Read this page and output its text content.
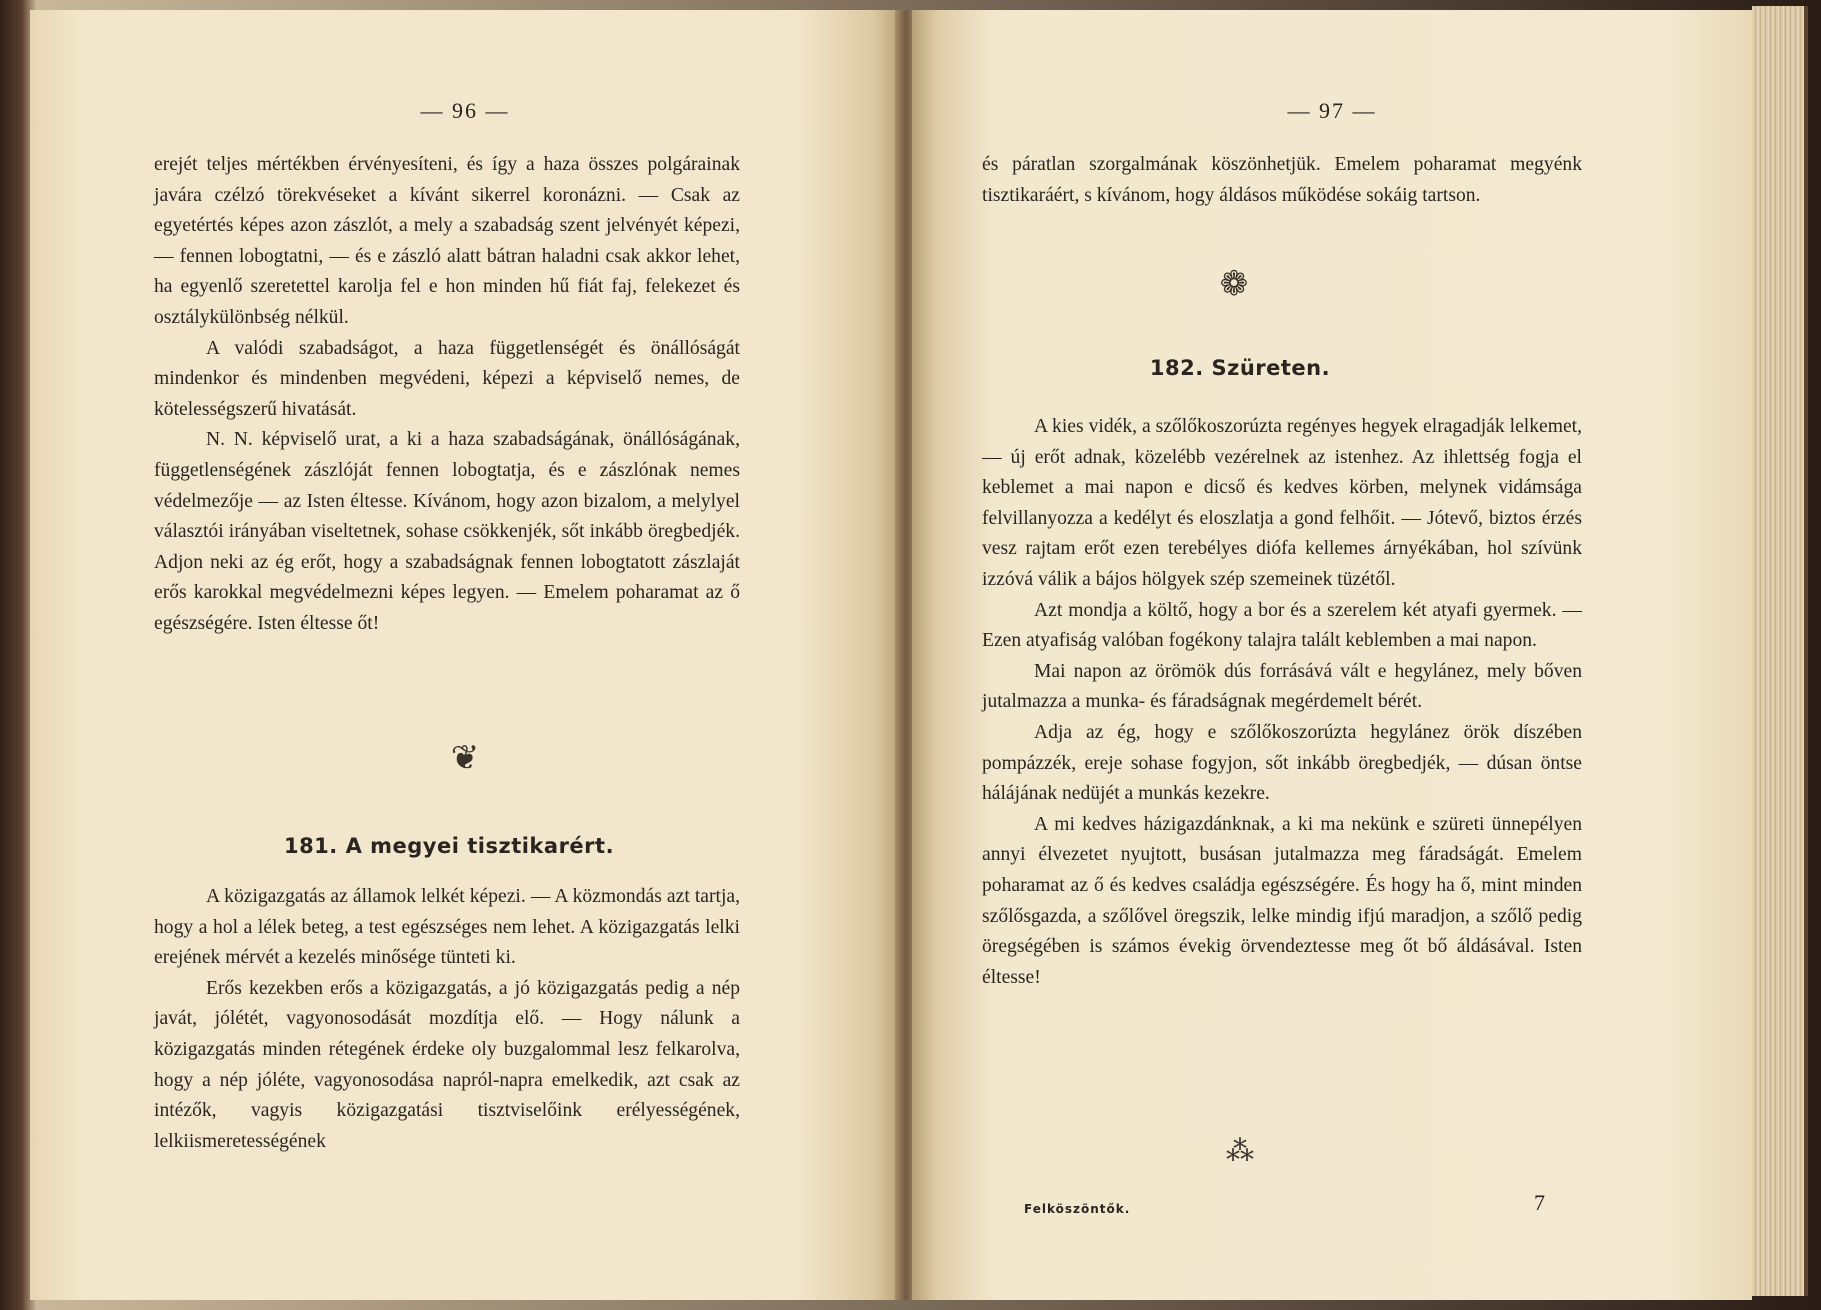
— 96 —

erejét teljes mértékben érvényesíteni, és így a haza összes polgárainak javára czélzó törekvéseket a kívánt sikerrel koronázni. — Csak az egyetértés képes azon zászlót, a mely a szabadság szent jelvényét képezi, — fennen lobogtatni, — és e zászló alatt bátran haladni csak akkor lehet, ha egyenlő szeretettel karolja fel e hon minden hű fiát faj, felekezet és osztálykülönbség nélkül.

A valódi szabadságot, a haza függetlenségét és önállóságát mindenkor és mindenben megvédeni, képezi a képviselő nemes, de kötelességszerű hivatását.

N. N. képviselő urat, a ki a haza szabadságának, önállóságának, függetlenségének zászlóját fennen lobogtatja, és e zászlónak nemes védelmezője — az Isten éltesse. Kívánom, hogy azon bizalom, a melylyel választói irányában viseltetnek, sohase csökkenjék, sőt inkább öregbedjék. Adjon neki az ég erőt, hogy a szabadságnak fennen lobogtatott zászlaját erős karokkal megvédelmezni képes legyen. — Emelem poharamat az ő egészségére. Isten éltesse őt!

❦
181. A megyei tisztikarért.

A közigazgatás az államok lelkét képezi. — A közmondás azt tartja, hogy a hol a lélek beteg, a test egészséges nem lehet. A közigazgatás lelki erejének mérvét a kezelés minősége tünteti ki.

Erős kezekben erős a közigazgatás, a jó közigazgatás pedig a nép javát, jólétét, vagyonosodását mozdítja elő. — Hogy nálunk a közigazgatás minden rétegének érdeke oly buzgalommal lesz felkarolva, hogy a nép jóléte, vagyonosodása napról-napra emelkedik, azt csak az intézők, vagyis közigazgatási tisztviselőink erélyességének, lelkiismeretességének

— 97 —

és páratlan szorgalmának köszönhetjük. Emelem poharamat megyénk tisztikaráért, s kívánom, hogy áldásos működése sokáig tartson.

❁
182. Szüreten.

A kies vidék, a szőlőkoszorúzta regényes hegyek elragadják lelkemet, — új erőt adnak, közelébb vezérelnek az istenhez. Az ihlettség fogja el keblemet a mai napon e dicső és kedves körben, melynek vidámsága felvillanyozza a kedélyt és eloszlatja a gond felhőit. — Jótevő, biztos érzés vesz rajtam erőt ezen terebélyes diófa kellemes árnyékában, hol szívünk izzóvá válik a bájos hölgyek szép szemeinek tüzétől.

Azt mondja a költő, hogy a bor és a szerelem két atyafi gyermek. — Ezen atyafiság valóban fogékony talajra talált keblemben a mai napon.

Mai napon az örömök dús forrásává vált e hegylánez, mely bőven jutalmazza a munka- és fáradságnak megérdemelt bérét.

Adja az ég, hogy e szőlőkoszorúzta hegylánez örök díszében pompázzék, ereje sohase fogyjon, sőt inkább öregbedjék, — dúsan öntse hálájának nedüjét a munkás kezekre.

A mi kedves házigazdánknak, a ki ma nekünk e szüreti ünnepélyen annyi élvezetet nyujtott, busásan jutalmazza meg fáradságát. Emelem poharamat az ő és kedves családja egészségére. És hogy ha ő, mint minden szőlősgazda, a szőlővel öregszik, lelke mindig ifjú maradjon, a szőlő pedig öregségében is számos évekig örvendeztesse meg őt bő áldásával. Isten éltesse!

⁂
Felköszöntők.	7
